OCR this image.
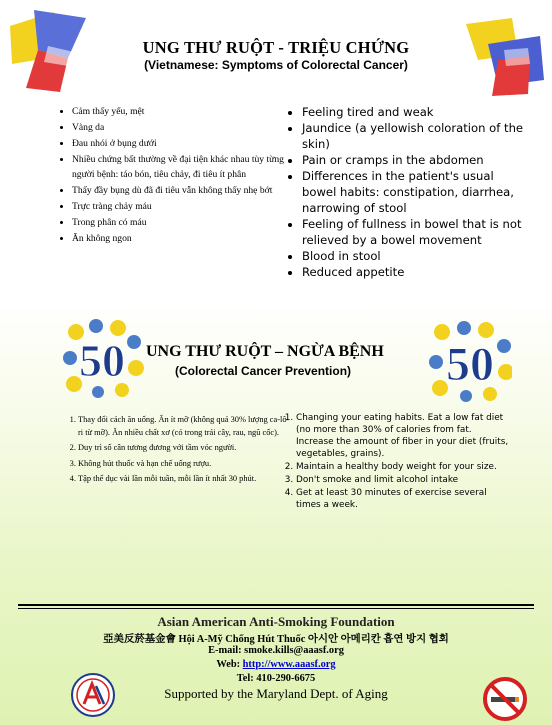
UNG THƯ RUỘT - TRIỆU CHỨNG
(Vietnamese: Symptoms of Colorectal Cancer)
• Cảm thấy yếu, mệt
• Vàng da
• Đau nhói ở bụng dưới
• Nhiều chứng bất thường về đại tiện khác nhau tùy từng người bệnh: táo bón, tiêu chảy, đi tiêu ít phân
• Thấy đầy bụng dù đã đi tiêu vẫn không thấy nhẹ bớt
• Trực tràng chảy máu
• Trong phân có máu
• Ăn không ngon
• Feeling tired and weak
• Jaundice (a yellowish coloration of the skin)
• Pain or cramps in the abdomen
• Differences in the patient's usual bowel habits: constipation, diarrhea, narrowing of stool
• Feeling of fullness in bowel that is not relieved by a bowel movement
• Blood in stool
• Reduced appetite
50	50
UNG THƯ RUỘT – NGỪA BỆNH
(Colorectal Cancer Prevention)
1. Thay đổi cách ăn uống. Ăn ít mỡ (không quá 30% lượng ca-lô-ri từ mỡ). Ăn nhiều chất xơ (có trong trái cây, rau, ngũ cốc).
2. Duy trì số cân tương đương với tầm vóc người.
3. Không hút thuốc và hạn chế uống rượu.
4. Tập thể dục vài lần mỗi tuần, mỗi lần ít nhất 30 phút.
1. Changing your eating habits. Eat a low fat diet (no more than 30% of calories from fat. Increase the amount of fiber in your diet (fruits, vegetables, grains).
2. Maintain a healthy body weight for your size.
3. Don't smoke and limit alcohol intake
4. Get at least 30 minutes of exercise several times a week.
Asian American Anti-Smoking Foundation
亞美反菸基金會 Hội A-Mỹ Chống Hút Thuốc 아시안 아메리칸 흡연 방지 협회
E-mail: smoke.kills@aaasf.org
Web: http://www.aaasf.org
Tel: 410-290-6675
Supported by the Maryland Dept. of Aging
